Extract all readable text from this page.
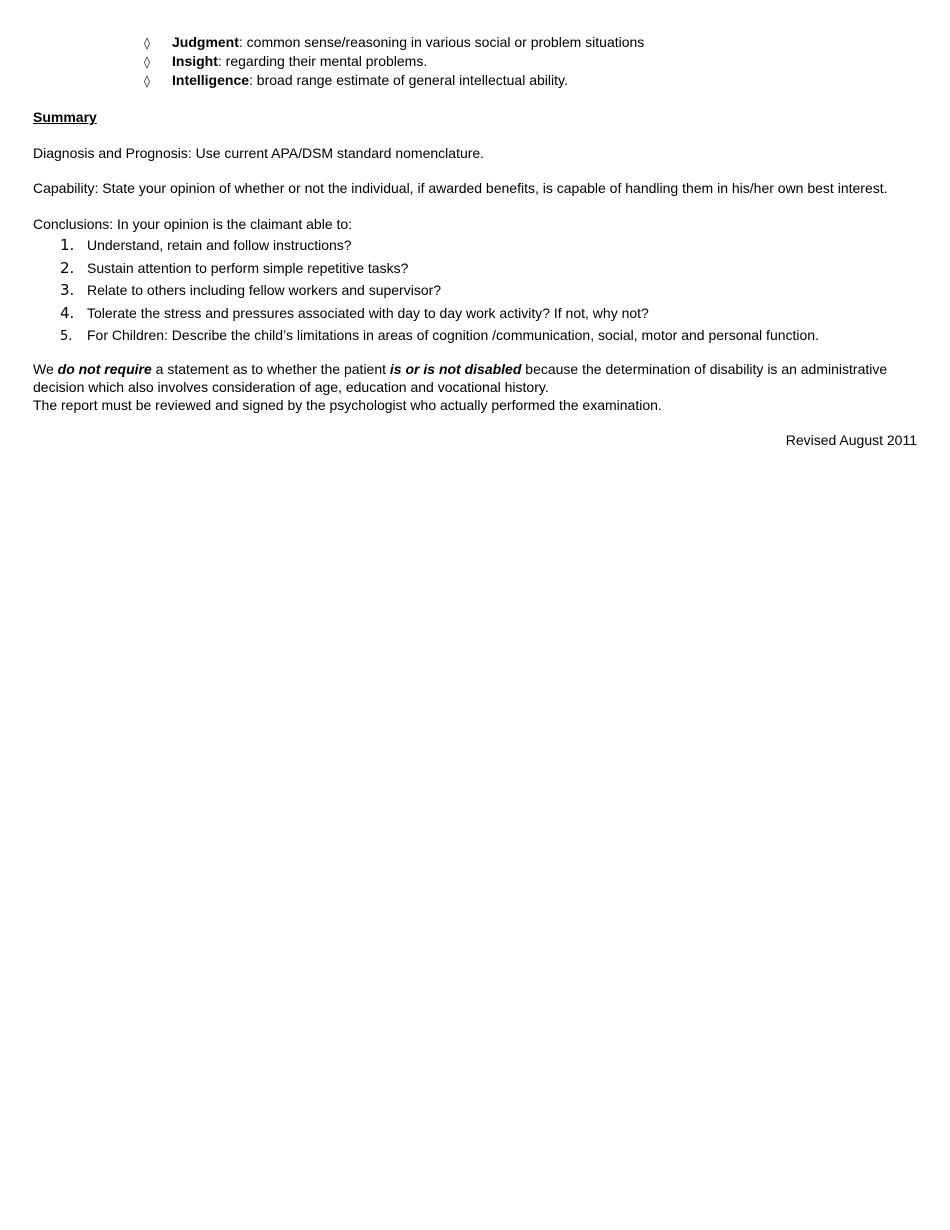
◊ Judgment: common sense/reasoning in various social or problem situations
◊ Insight: regarding their mental problems.
◊ Intelligence: broad range estimate of general intellectual ability.
Summary
Diagnosis and Prognosis: Use current APA/DSM standard nomenclature.
Capability: State your opinion of whether or not the individual, if awarded benefits, is capable of handling them in his/her own best interest.
Conclusions: In your opinion is the claimant able to:
1. Understand, retain and follow instructions?
2. Sustain attention to perform simple repetitive tasks?
3. Relate to others including fellow workers and supervisor?
4. Tolerate the stress and pressures associated with day to day work activity? If not, why not?
5. For Children: Describe the child’s limitations in areas of cognition /communication, social, motor and personal function.
We do not require a statement as to whether the patient is or is not disabled because the determination of disability is an administrative decision which also involves consideration of age, education and vocational history.
The report must be reviewed and signed by the psychologist who actually performed the examination.
Revised August 2011
